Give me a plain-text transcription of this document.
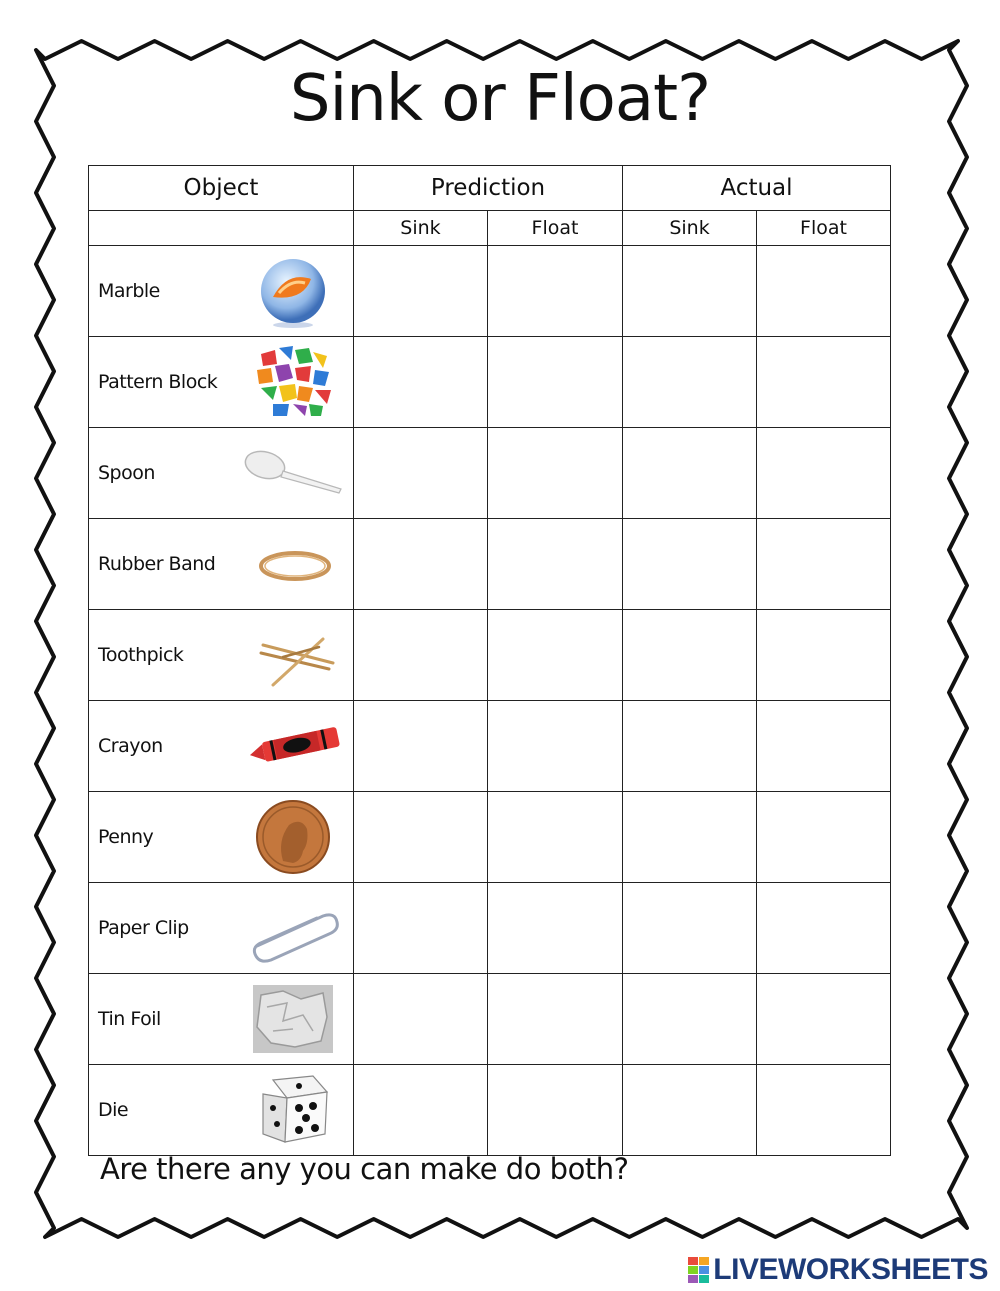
Sink or Float?
Object	Prediction		Actual	
	Sink	Float	Sink	Float

Marble				

Pattern Block				

Spoon				

Rubber Band				

Toothpick				

Crayon				

Penny				

Paper Clip				

Tin Foil				

Die				

Are there any you can make do both?
LIVEWORKSHEETS
